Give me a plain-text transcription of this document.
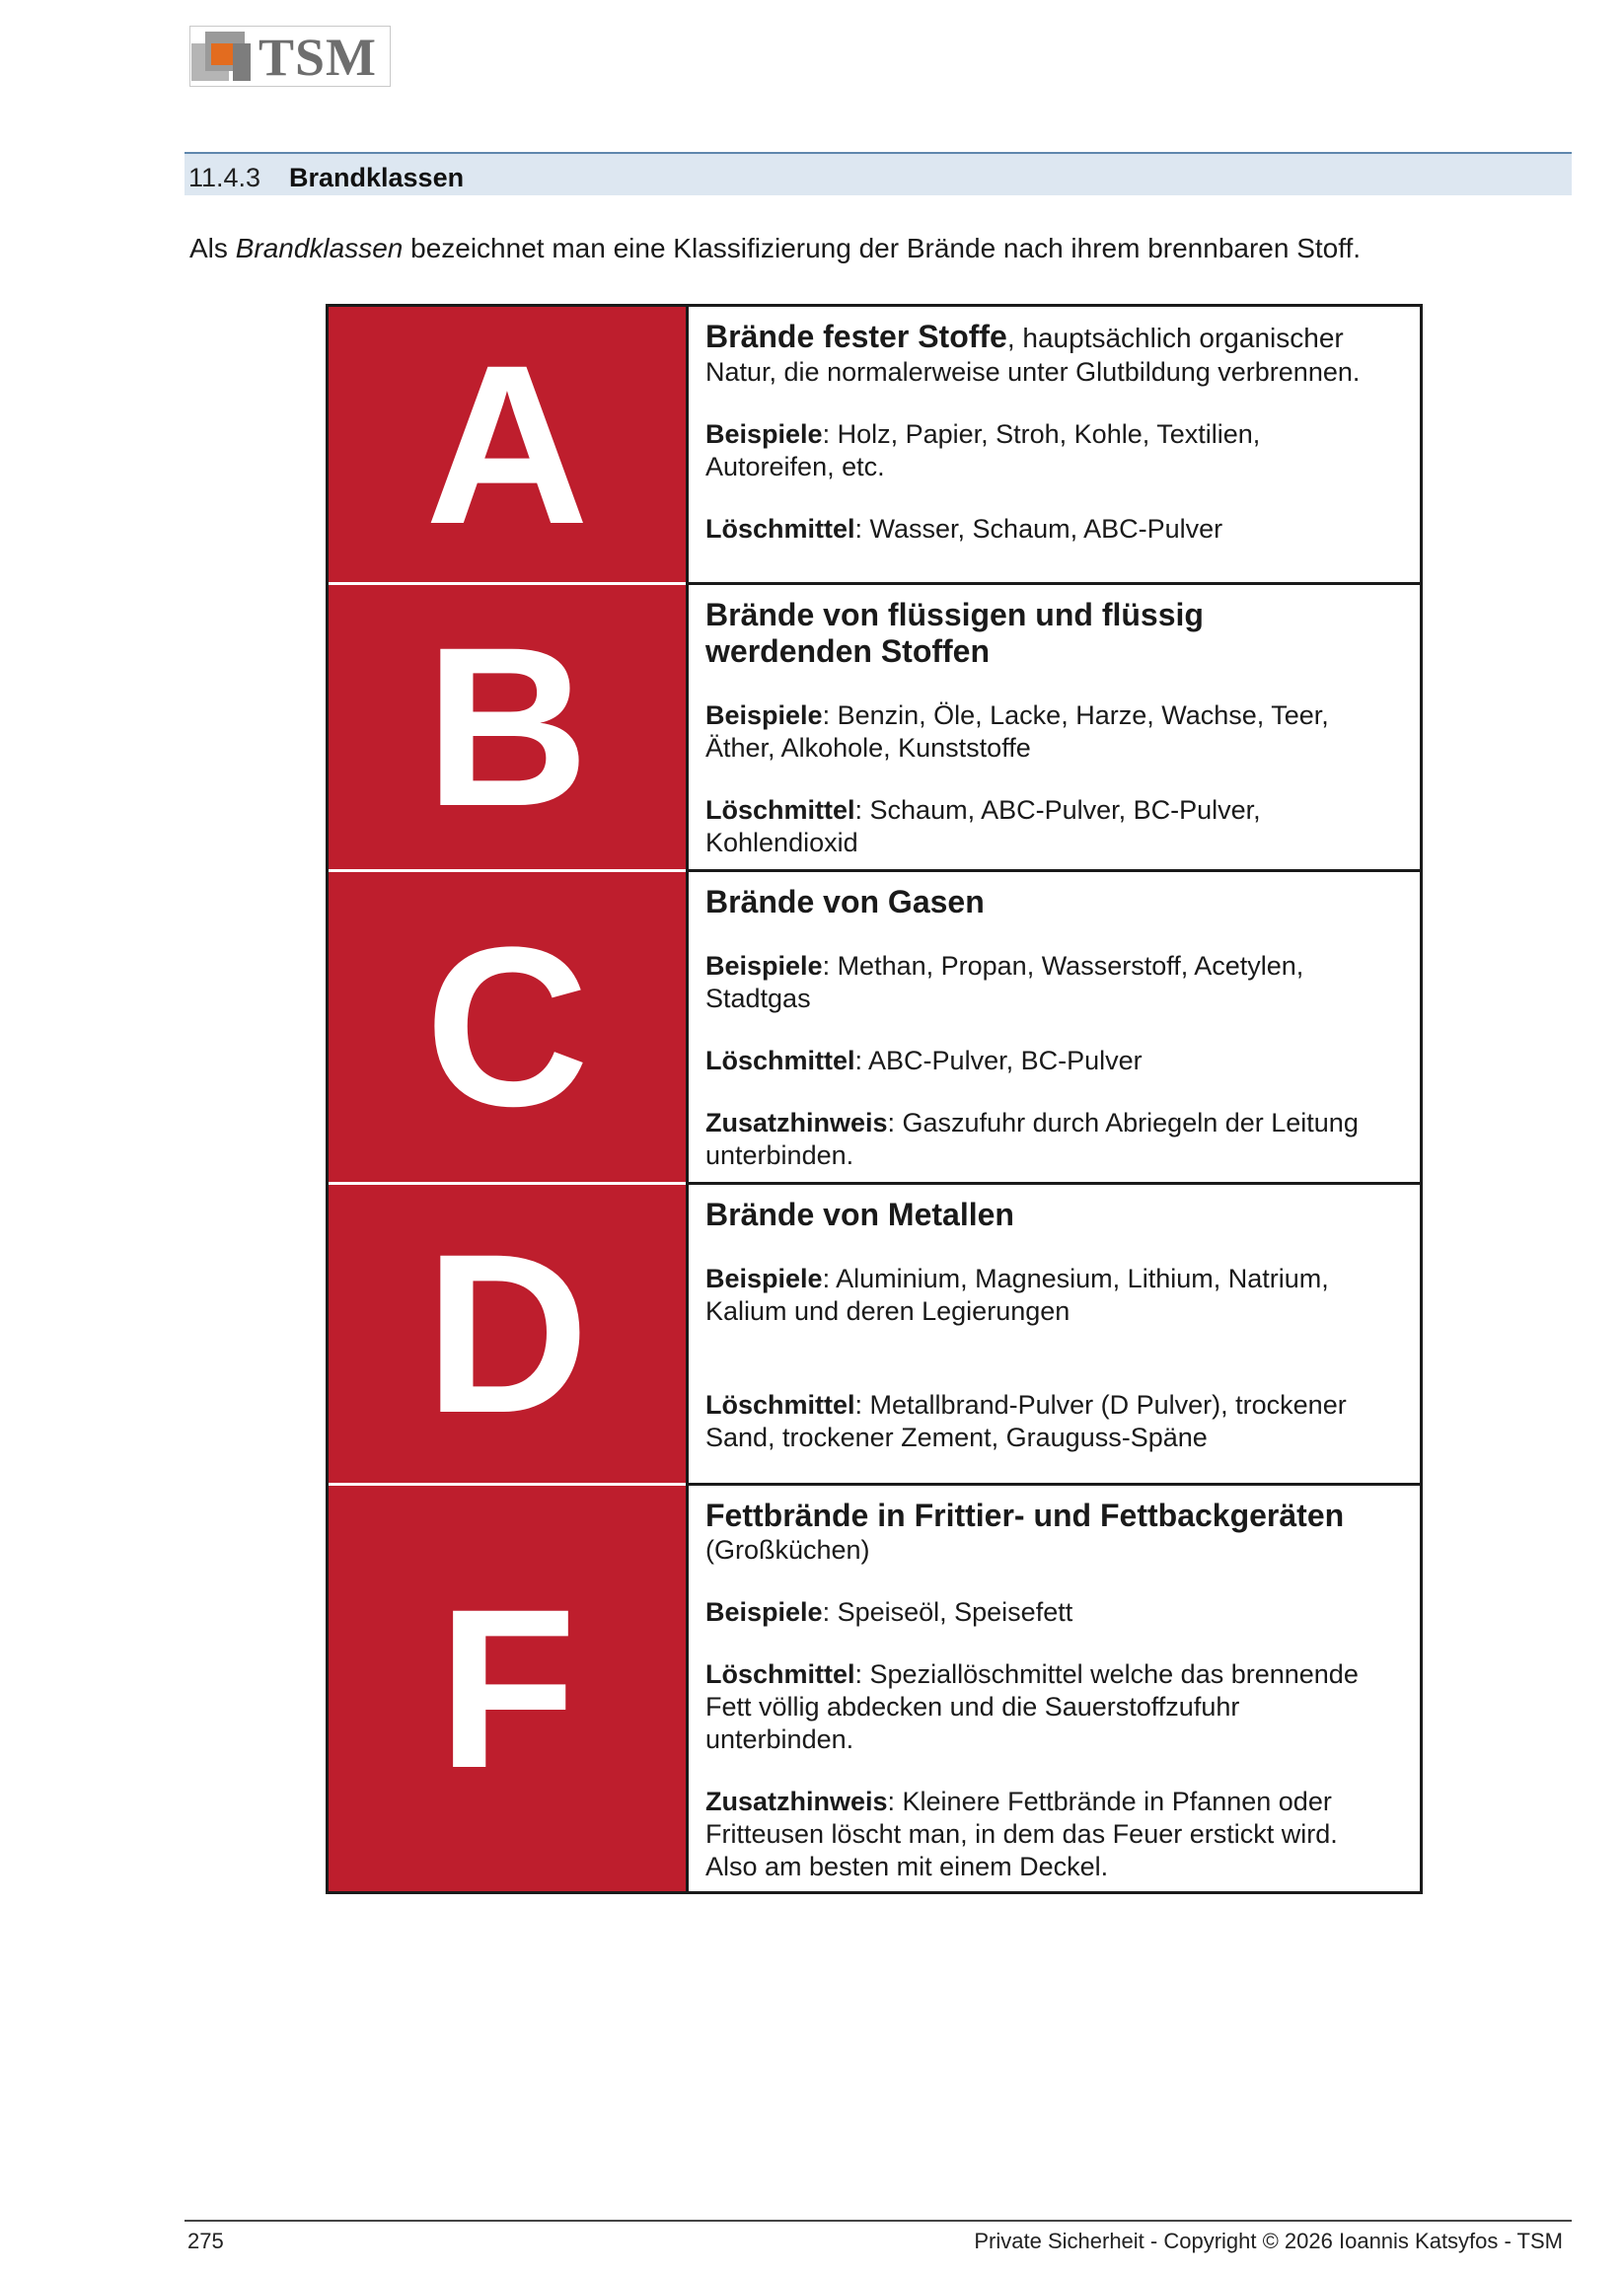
TSM
11.4.3 Brandklassen
Als Brandklassen bezeichnet man eine Klassifizierung der Brände nach ihrem brennbaren Stoff.
A	Brände fester Stoffe, hauptsächlich organischer

Natur, die normalerweise unter Glutbildung verbrennen.

Beispiele: Holz, Papier, Stroh, Kohle, Textilien,

Autoreifen, etc.

Löschmittel: Wasser, Schaum, ABC-Pulver

B	Brände von flüssigen und flüssig

werdenden Stoffen

Beispiele: Benzin, Öle, Lacke, Harze, Wachse, Teer,

Äther, Alkohole, Kunststoffe

Löschmittel: Schaum, ABC-Pulver, BC-Pulver,

Kohlendioxid

C	Brände von Gasen

Beispiele: Methan, Propan, Wasserstoff, Acetylen,

Stadtgas

Löschmittel: ABC-Pulver, BC-Pulver

Zusatzhinweis: Gaszufuhr durch Abriegeln der Leitung

unterbinden.

D	Brände von Metallen

Beispiele: Aluminium, Magnesium, Lithium, Natrium,

Kalium und deren Legierungen

Löschmittel: Metallbrand-Pulver (D Pulver), trockener

Sand, trockener Zement, Grauguss-Späne

F

Fettbrände in Frittier- und Fettbackgeräten

(Großküchen)

Beispiele: Speiseöl, Speisefett

Löschmittel: Speziallöschmittel welche das brennende

Fett völlig abdecken und die Sauerstoffzufuhr

unterbinden.

Zusatzhinweis: Kleinere Fettbrände in Pfannen oder

Fritteusen löscht man, in dem das Feuer erstickt wird.

Also am besten mit einem Deckel.

275	Private Sicherheit - Copyright © 2026 Ioannis Katsyfos - TSM
